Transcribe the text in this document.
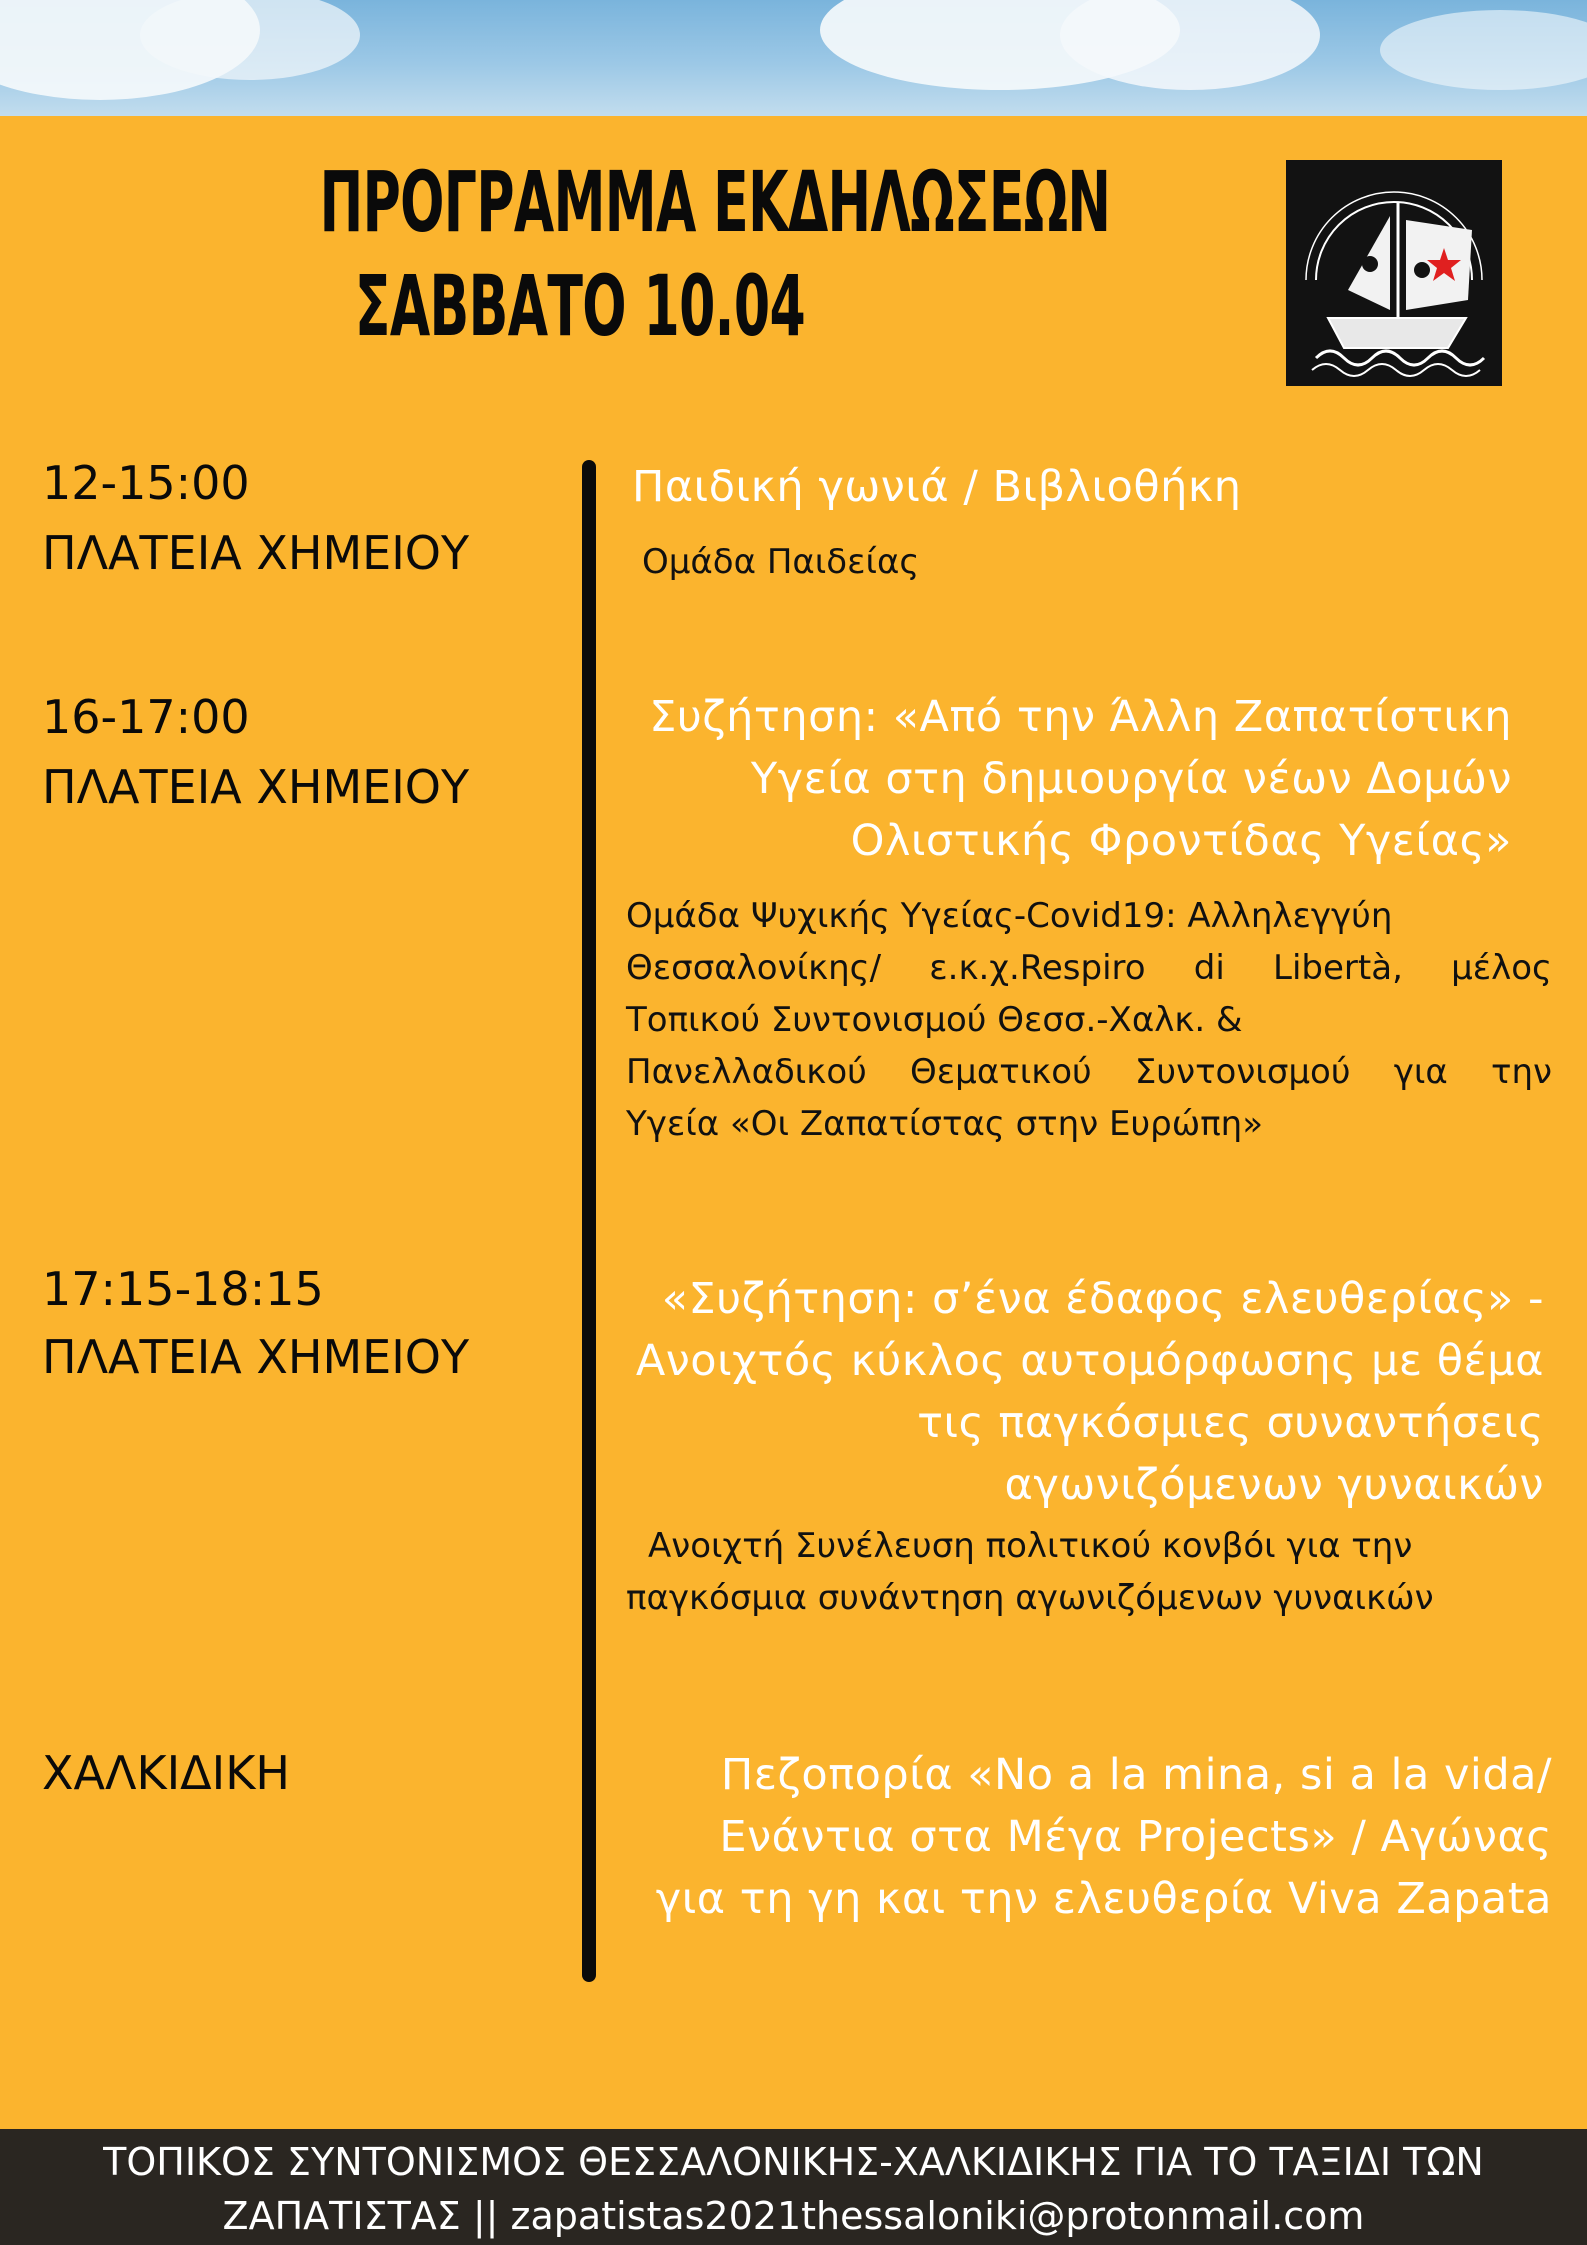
ΠΡΟΓΡΑΜΜΑ ΕΚΔΗΛΩΣΕΩΝ
ΣΑΒΒΑΤΟ 10.04
12-15:00
ΠΛΑΤΕΙΑ ΧΗΜΕΙΟΥ
Παιδική γωνιά / Βιβλιοθήκη
Ομάδα Παιδείας
16-17:00
ΠΛΑΤΕΙΑ ΧΗΜΕΙΟΥ
Συζήτηση: «Από την Άλλη Ζαπατίστικη
Υγεία στη δημιουργία νέων Δομών
Ολιστικής Φροντίδας Υγείας»
Ομάδα Ψυχικής Υγείας-Covid19: Αλληλεγγύη
Θεσσαλονίκης/ ε.κ.χ.Respiro di Libertà, μέλος
Τοπικού Συντονισμού Θεσσ.-Χαλκ. &
Πανελλαδικού Θεματικού Συντονισμού για την
Υγεία «Οι Ζαπατίστας στην Ευρώπη»
17:15-18:15
ΠΛΑΤΕΙΑ ΧΗΜΕΙΟΥ
«Συζήτηση: σ’ένα έδαφος ελευθερίας» -
Ανοιχτός κύκλος αυτομόρφωσης με θέμα
τις παγκόσμιες συναντήσεις
αγωνιζόμενων γυναικών
Ανοιχτή Συνέλευση πολιτικού κονβόι για την
παγκόσμια συνάντηση αγωνιζόμενων γυναικών
ΧΑΛΚΙΔΙΚΗ	Πεζοπορία «No a la mina, si a la vida/
Ενάντια στα Μέγα Projects» / Αγώνας
για τη γη και την ελευθερία Viva Zapata
ΤΟΠΙΚΟΣ ΣΥΝΤΟΝΙΣΜΟΣ ΘΕΣΣΑΛΟΝΙΚΗΣ-ΧΑΛΚΙΔΙΚΗΣ ΓΙΑ ΤΟ ΤΑΞΙΔΙ ΤΩΝ
ΖΑΠΑΤΙΣΤΑΣ || zapatistas2021thessaloniki@protonmail.com
